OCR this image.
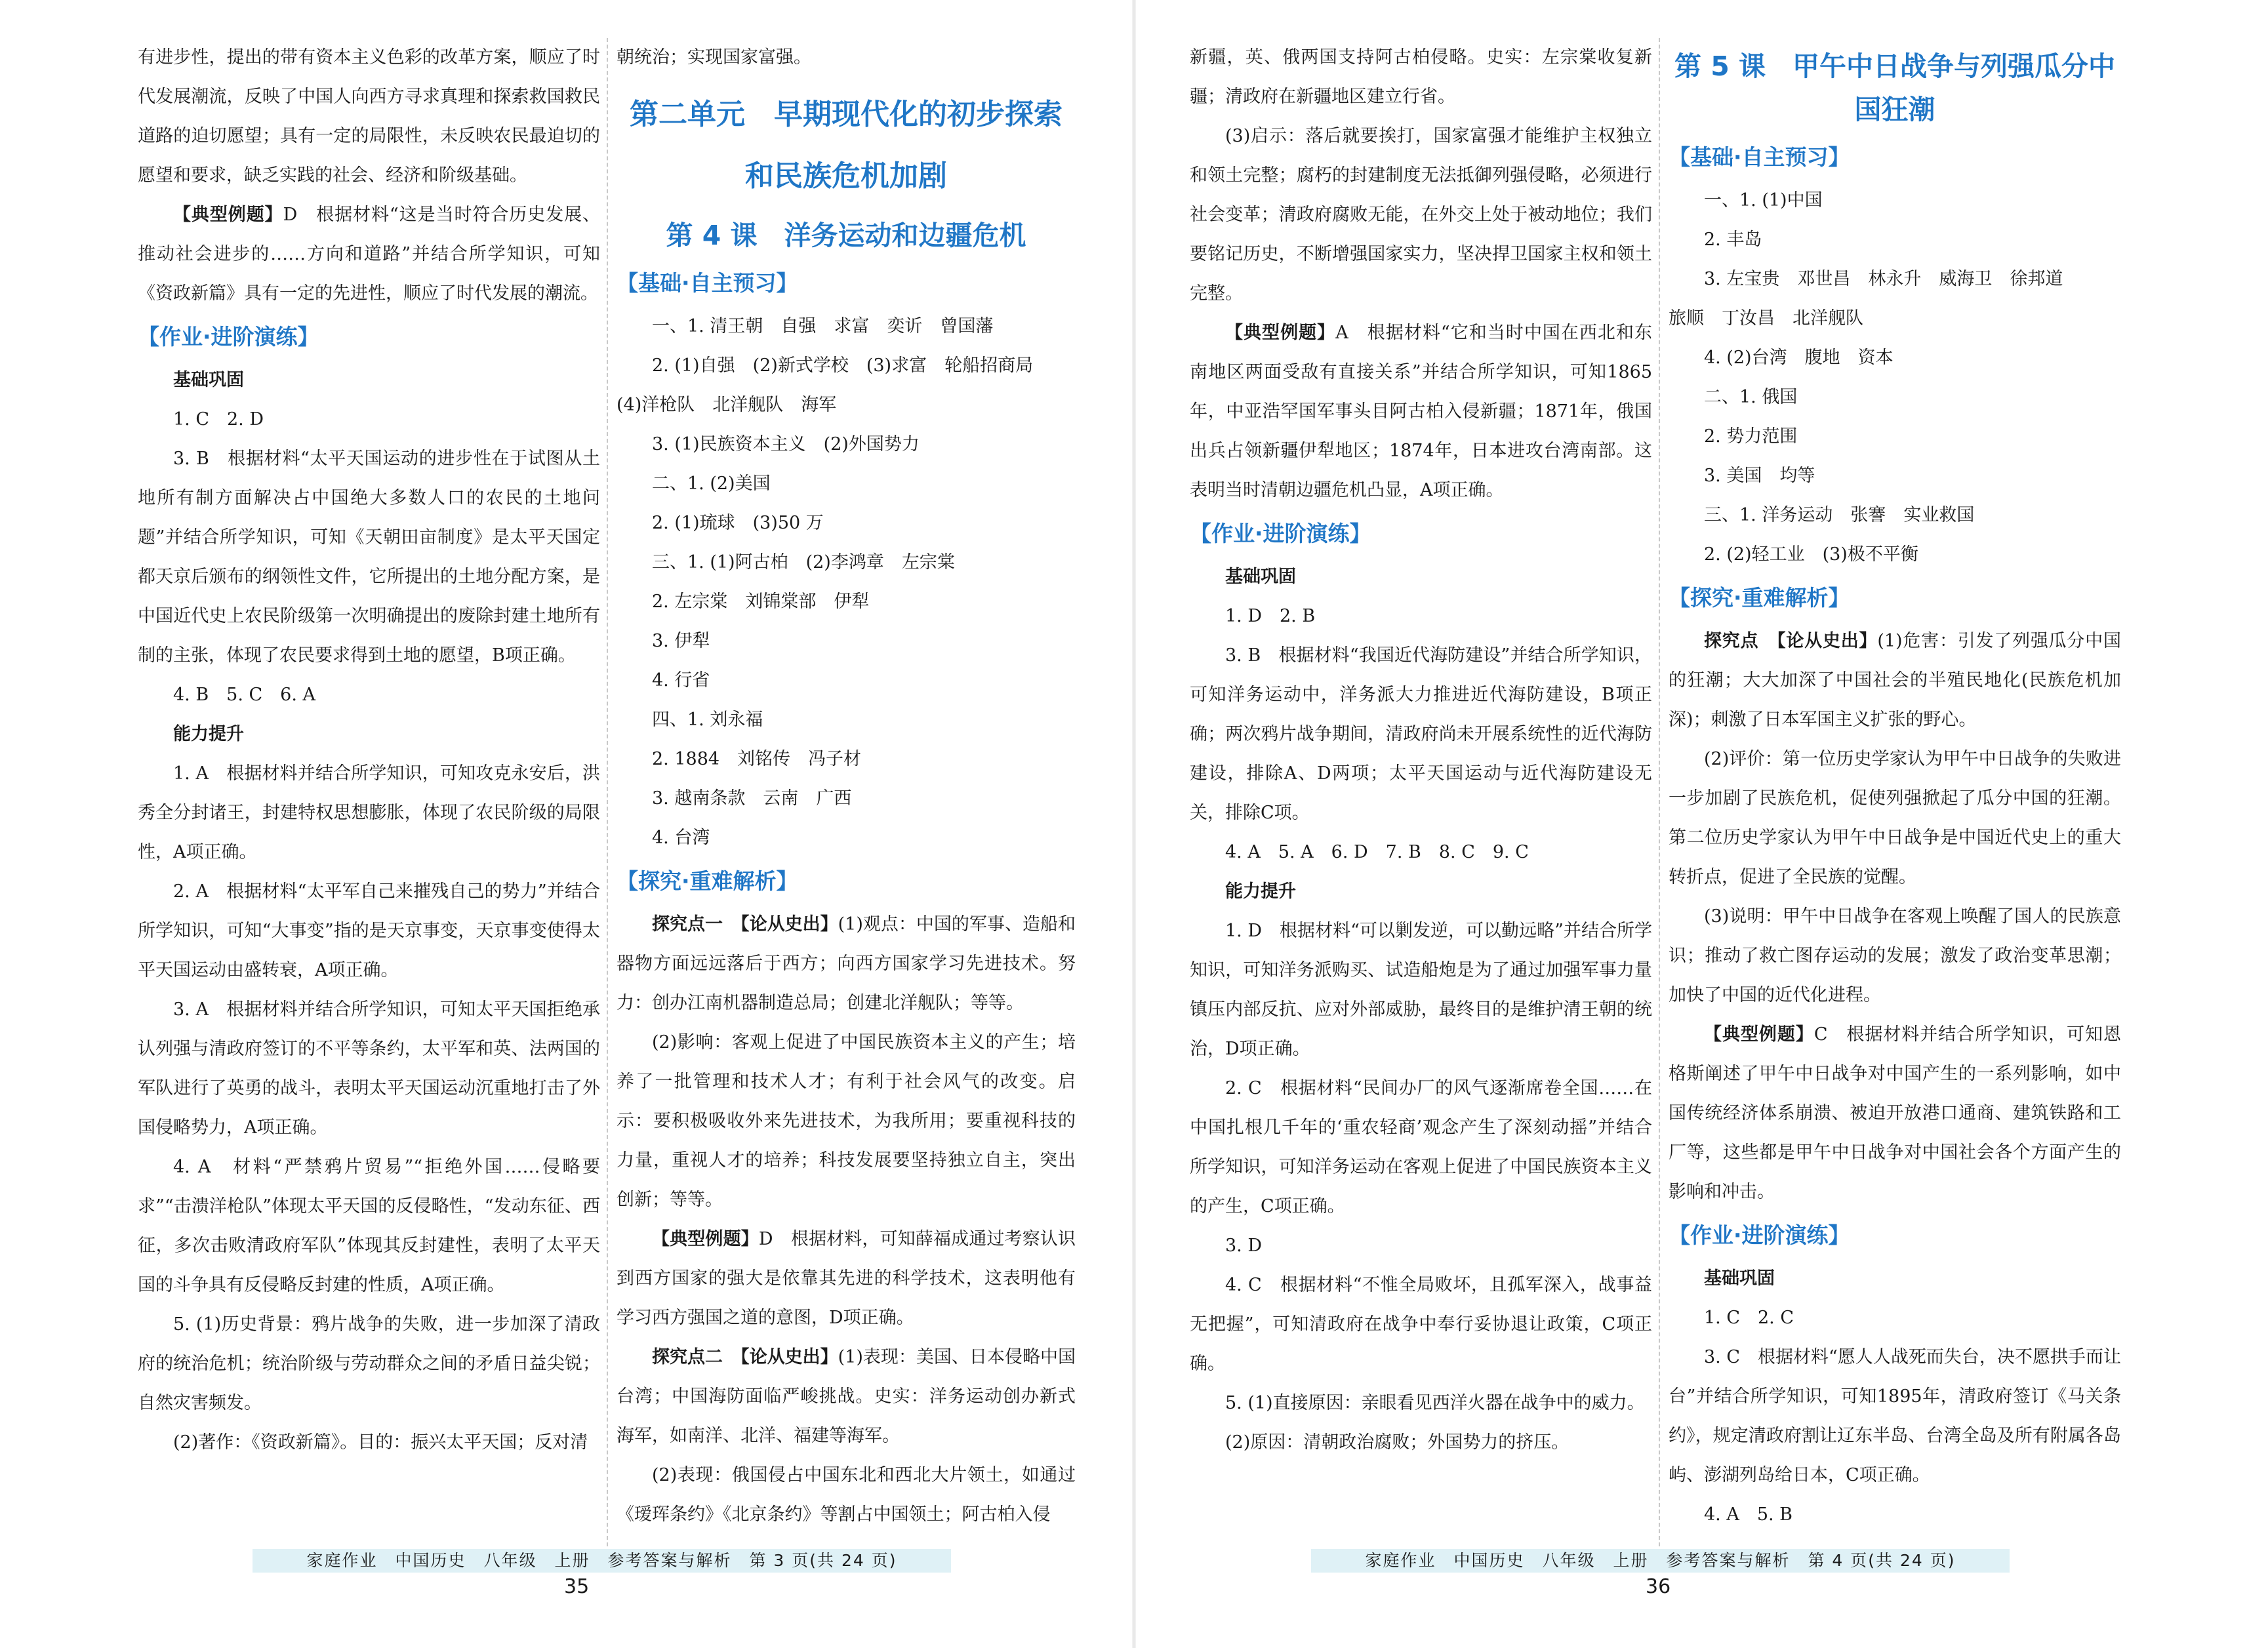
有进步性，提出的带有资本主义色彩的改革方案，顺应了时代发展潮流，反映了中国人向西方寻求真理和探索救国救民道路的迫切愿望；具有一定的局限性，未反映农民最迫切的愿望和要求，缺乏实践的社会、经济和阶级基础。

【典型例题】D　根据材料“这是当时符合历史发展、推动社会进步的……方向和道路”并结合所学知识，可知《资政新篇》具有一定的先进性，顺应了时代发展的潮流。

【作业·进阶演练】
基础巩固

1. C　2. D

3. B　根据材料“太平天国运动的进步性在于试图从土地所有制方面解决占中国绝大多数人口的农民的土地问题”并结合所学知识，可知《天朝田亩制度》是太平天国定都天京后颁布的纲领性文件，它所提出的土地分配方案，是中国近代史上农民阶级第一次明确提出的废除封建土地所有制的主张，体现了农民要求得到土地的愿望，B项正确。

4. B　5. C　6. A

能力提升

1. A　根据材料并结合所学知识，可知攻克永安后，洪秀全分封诸王，封建特权思想膨胀，体现了农民阶级的局限性，A项正确。

2. A　根据材料“太平军自己来摧残自己的势力”并结合所学知识，可知“大事变”指的是天京事变，天京事变使得太平天国运动由盛转衰，A项正确。

3. A　根据材料并结合所学知识，可知太平天国拒绝承认列强与清政府签订的不平等条约，太平军和英、法两国的军队进行了英勇的战斗，表明太平天国运动沉重地打击了外国侵略势力，A项正确。

4. A　材料“严禁鸦片贸易”“拒绝外国……侵略要求”“击溃洋枪队”体现太平天国的反侵略性，“发动东征、西征，多次击败清政府军队”体现其反封建性，表明了太平天国的斗争具有反侵略反封建的性质，A项正确。

5. (1)历史背景：鸦片战争的失败，进一步加深了清政府的统治危机；统治阶级与劳动群众之间的矛盾日益尖锐；自然灾害频发。

(2)著作：《资政新篇》。目的：振兴太平天国；反对清

朝统治；实现国家富强。

第二单元　早期现代化的初步探索和民族危机加剧
第 4 课　洋务运动和边疆危机
【基础·自主预习】
一、1. 清王朝　自强　求富　奕䜣　曾国藩
2. (1)自强　(2)新式学校　(3)求富　轮船招商局

(4)洋枪队　北洋舰队　海军

3. (1)民族资本主义　(2)外国势力
二、1. (2)美国
2. (1)琉球　(3)50 万
三、1. (1)阿古柏　(2)李鸿章　左宗棠
2. 左宗棠　刘锦棠部　伊犁
3. 伊犁
4. 行省
四、1. 刘永福
2. 1884　刘铭传　冯子材
3. 越南条款　云南　广西
4. 台湾
【探究·重难解析】

探究点一　【论从史出】(1)观点：中国的军事、造船和器物方面远远落后于西方；向西方国家学习先进技术。努力：创办江南机器制造总局；创建北洋舰队；等等。

(2)影响：客观上促进了中国民族资本主义的产生；培养了一批管理和技术人才；有利于社会风气的改变。启示：要积极吸收外来先进技术，为我所用；要重视科技的力量，重视人才的培养；科技发展要坚持独立自主，突出创新；等等。

【典型例题】D　根据材料，可知薛福成通过考察认识到西方国家的强大是依靠其先进的科学技术，这表明他有学习西方强国之道的意图，D项正确。

探究点二　【论从史出】(1)表现：美国、日本侵略中国台湾；中国海防面临严峻挑战。史实：洋务运动创办新式海军，如南洋、北洋、福建等海军。

(2)表现：俄国侵占中国东北和西北大片领土，如通过《瑷珲条约》《北京条约》等割占中国领土；阿古柏入侵

家庭作业　中国历史　八年级　上册　参考答案与解析　第 3 页(共 24 页)
35

新疆，英、俄两国支持阿古柏侵略。史实：左宗棠收复新疆；清政府在新疆地区建立行省。

(3)启示：落后就要挨打，国家富强才能维护主权独立和领土完整；腐朽的封建制度无法抵御列强侵略，必须进行社会变革；清政府腐败无能，在外交上处于被动地位；我们要铭记历史，不断增强国家实力，坚决捍卫国家主权和领土完整。

【典型例题】A　根据材料“它和当时中国在西北和东南地区两面受敌有直接关系”并结合所学知识，可知1865年，中亚浩罕国军事头目阿古柏入侵新疆；1871年，俄国出兵占领新疆伊犁地区；1874年，日本进攻台湾南部。这表明当时清朝边疆危机凸显，A项正确。

【作业·进阶演练】
基础巩固

1. D　2. B

3. B　根据材料“我国近代海防建设”并结合所学知识，可知洋务运动中，洋务派大力推进近代海防建设，B项正确；两次鸦片战争期间，清政府尚未开展系统性的近代海防建设，排除A、D两项；太平天国运动与近代海防建设无关，排除C项。

4. A　5. A　6. D　7. B　8. C　9. C

能力提升

1. D　根据材料“可以剿发逆，可以勤远略”并结合所学知识，可知洋务派购买、试造船炮是为了通过加强军事力量镇压内部反抗、应对外部威胁，最终目的是维护清王朝的统治，D项正确。

2. C　根据材料“民间办厂的风气逐渐席卷全国……在中国扎根几千年的‘重农轻商’观念产生了深刻动摇”并结合所学知识，可知洋务运动在客观上促进了中国民族资本主义的产生，C项正确。

3. D

4. C　根据材料“不惟全局败坏，且孤军深入，战事益无把握”，可知清政府在战争中奉行妥协退让政策，C项正确。

5. (1)直接原因：亲眼看见西洋火器在战争中的威力。

(2)原因：清朝政治腐败；外国势力的挤压。

第 5 课　甲午中日战争与列强瓜分中国狂潮
【基础·自主预习】
一、1. (1)中国
2. 丰岛
3. 左宝贵　邓世昌　林永升　威海卫　徐邦道

旅顺　丁汝昌　北洋舰队

4. (2)台湾　腹地　资本
二、1. 俄国
2. 势力范围
3. 美国　均等
三、1. 洋务运动　张謇　实业救国
2. (2)轻工业　(3)极不平衡
【探究·重难解析】

探究点　【论从史出】(1)危害：引发了列强瓜分中国的狂潮；大大加深了中国社会的半殖民地化(民族危机加深)；刺激了日本军国主义扩张的野心。

(2)评价：第一位历史学家认为甲午中日战争的失败进一步加剧了民族危机，促使列强掀起了瓜分中国的狂潮。第二位历史学家认为甲午中日战争是中国近代史上的重大转折点，促进了全民族的觉醒。

(3)说明：甲午中日战争在客观上唤醒了国人的民族意识；推动了救亡图存运动的发展；激发了政治变革思潮；加快了中国的近代化进程。

【典型例题】C　根据材料并结合所学知识，可知恩格斯阐述了甲午中日战争对中国产生的一系列影响，如中国传统经济体系崩溃、被迫开放港口通商、建筑铁路和工厂等，这些都是甲午中日战争对中国社会各个方面产生的影响和冲击。

【作业·进阶演练】
基础巩固

1. C　2. C

3. C　根据材料“愿人人战死而失台，决不愿拱手而让台”并结合所学知识，可知1895年，清政府签订《马关条约》，规定清政府割让辽东半岛、台湾全岛及所有附属各岛屿、澎湖列岛给日本，C项正确。

4. A　5. B

家庭作业　中国历史　八年级　上册　参考答案与解析　第 4 页(共 24 页)
36
